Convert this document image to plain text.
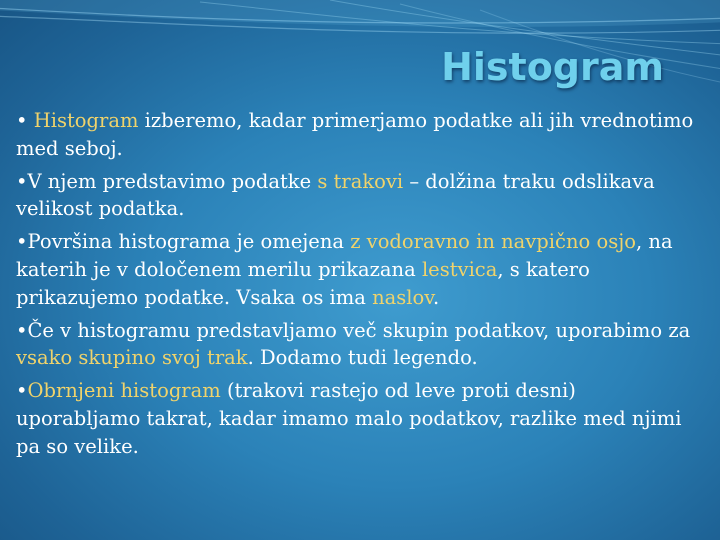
Histogram

• Histogram izberemo, kadar primerjamo podatke ali jih vrednotimo med seboj.

•V njem predstavimo podatke s trakovi – dolžina traku odslikava velikost podatka.

•Površina histograma je omejena z vodoravno in navpično osjo, na katerih je v določenem merilu prikazana lestvica, s katero prikazujemo podatke. Vsaka os ima naslov.

•Če v histogramu predstavljamo več skupin podatkov, uporabimo za vsako skupino svoj trak. Dodamo tudi legendo.

•Obrnjeni histogram (trakovi rastejo od leve proti desni) uporabljamo takrat, kadar imamo malo podatkov, razlike med njimi pa so velike.
